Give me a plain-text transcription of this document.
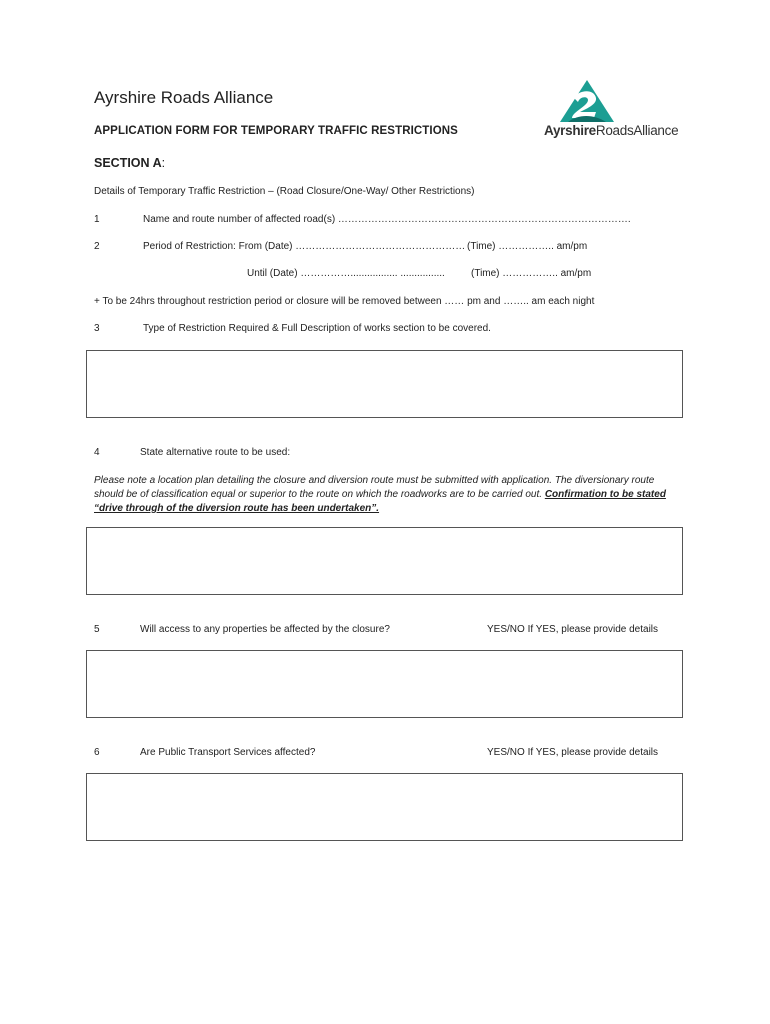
Ayrshire Roads Alliance
AyrshireRoadsAlliance
APPLICATION FORM FOR TEMPORARY TRAFFIC RESTRICTIONS
SECTION A:
Details of Temporary Traffic Restriction – (Road Closure/One-Way/ Other Restrictions)
1	Name and route number of affected road(s) …………………………………………………………………………….
2	Period of Restriction: From (Date) …………………………………………… (Time) …………….. am/pm
Until (Date) ……………................. ................	(Time) …………….. am/pm
+ To be 24hrs throughout restriction period or closure will be removed between …… pm and …….. am each night
3	Type of Restriction Required & Full Description of works section to be covered.
4	State alternative route to be used:
Please note a location plan detailing the closure and diversion route must be submitted with application. The diversionary route should be of classification equal or superior to the route on which the roadworks are to be carried out. Confirmation to be stated “drive through of the diversion route has been undertaken”.
5	Will access to any properties be affected by the closure?	YES/NO If YES, please provide details
6	Are Public Transport Services affected?	YES/NO If YES, please provide details
